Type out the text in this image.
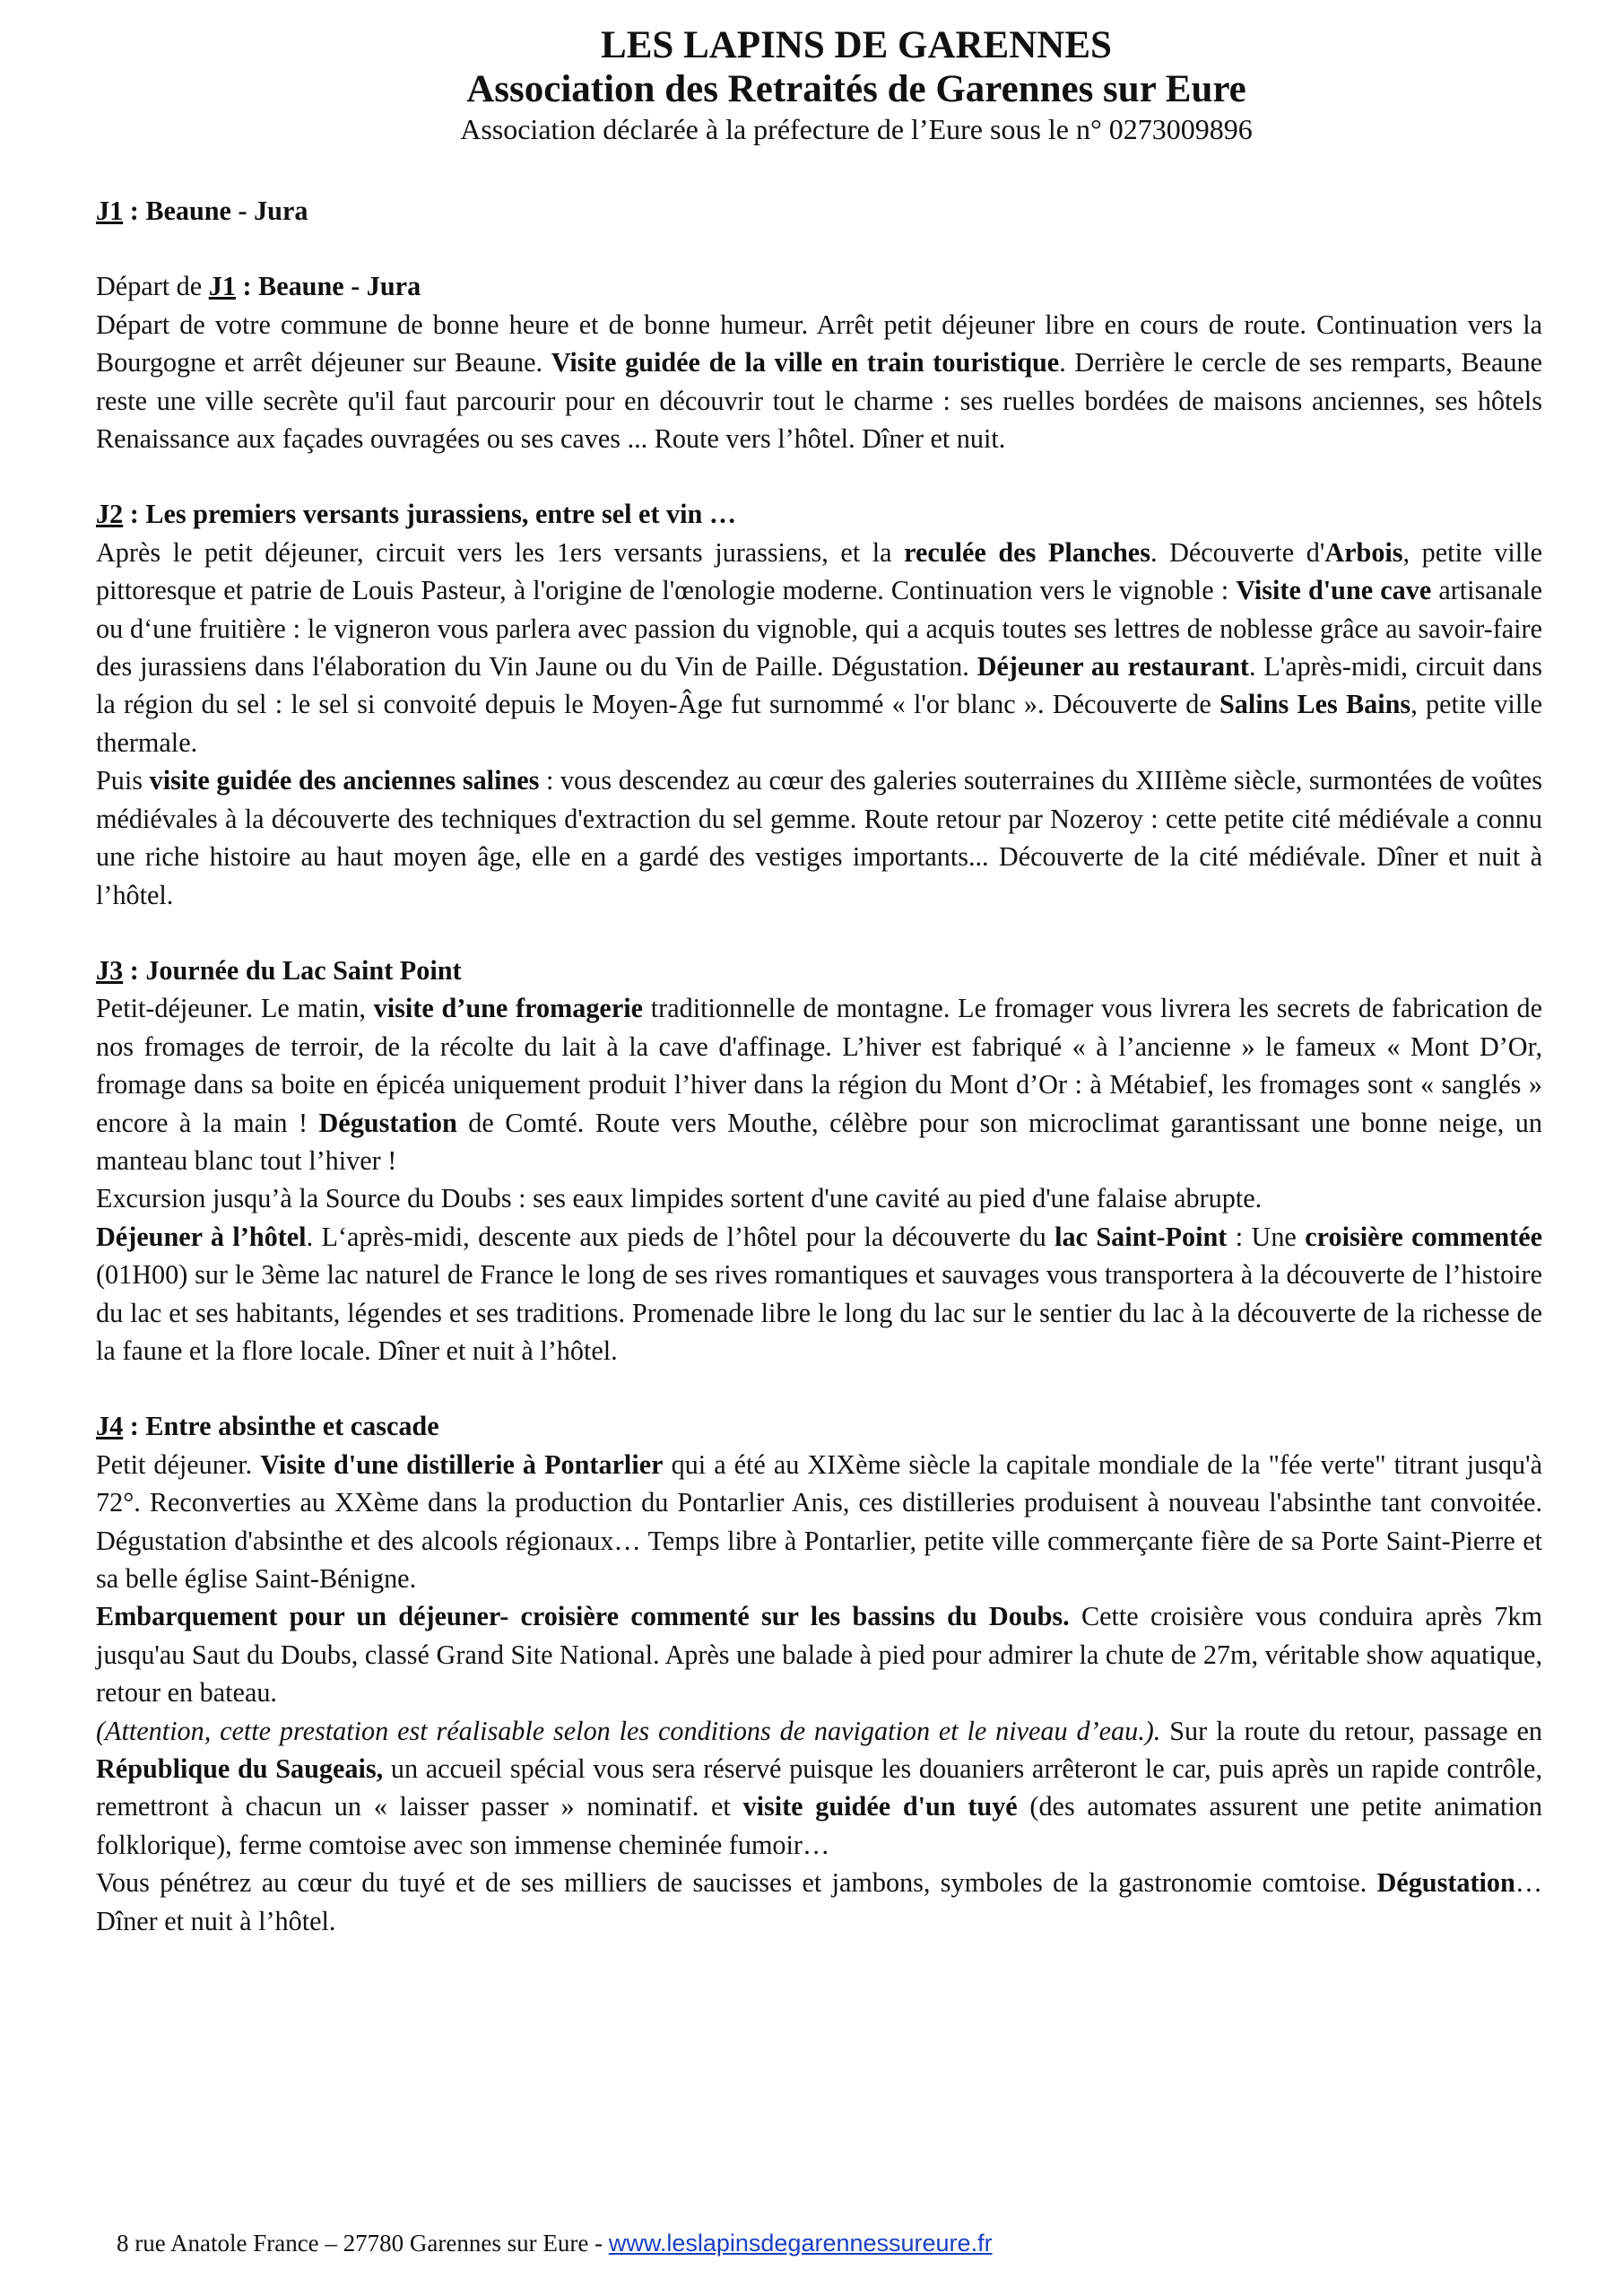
LES LAPINS DE GARENNES
Association des Retraités de Garennes sur Eure
Association déclarée à la préfecture de l’Eure sous le n° 0273009896

J1 : Beaune - Jura

Départ de J1 : Beaune - Jura

Départ de votre commune de bonne heure et de bonne humeur. Arrêt petit déjeuner libre en cours de route. Continuation vers la Bourgogne et arrêt déjeuner sur Beaune. Visite guidée de la ville en train touristique. Derrière le cercle de ses remparts, Beaune reste une ville secrète qu'il faut parcourir pour en découvrir tout le charme : ses ruelles bordées de maisons anciennes, ses hôtels Renaissance aux façades ouvragées ou ses caves ... Route vers l’hôtel. Dîner et nuit.

J2 : Les premiers versants jurassiens, entre sel et vin …

Après le petit déjeuner, circuit vers les 1ers versants jurassiens, et la reculée des Planches. Découverte d'Arbois, petite ville pittoresque et patrie de Louis Pasteur, à l'origine de l'œnologie moderne. Continuation vers le vignoble : Visite d'une cave artisanale ou d‘une fruitière : le vigneron vous parlera avec passion du vignoble, qui a acquis toutes ses lettres de noblesse grâce au savoir-faire des jurassiens dans l'élaboration du Vin Jaune ou du Vin de Paille. Dégustation. Déjeuner au restaurant. L'après-midi, circuit dans la région du sel : le sel si convoité depuis le Moyen-Âge fut surnommé « l'or blanc ». Découverte de Salins Les Bains, petite ville thermale.

Puis visite guidée des anciennes salines : vous descendez au cœur des galeries souterraines du XIIIème siècle, surmontées de voûtes médiévales à la découverte des techniques d'extraction du sel gemme. Route retour par Nozeroy : cette petite cité médiévale a connu une riche histoire au haut moyen âge, elle en a gardé des vestiges importants... Découverte de la cité médiévale. Dîner et nuit à l’hôtel.

J3 : Journée du Lac Saint Point

Petit-déjeuner. Le matin, visite d’une fromagerie traditionnelle de montagne. Le fromager vous livrera les secrets de fabrication de nos fromages de terroir, de la récolte du lait à la cave d'affinage. L’hiver est fabriqué « à l’ancienne » le fameux « Mont D’Or, fromage dans sa boite en épicéa uniquement produit l’hiver dans la région du Mont d’Or : à Métabief, les fromages sont « sanglés » encore à la main ! Dégustation de Comté. Route vers Mouthe, célèbre pour son microclimat garantissant une bonne neige, un manteau blanc tout l’hiver !

Excursion jusqu’à la Source du Doubs : ses eaux limpides sortent d'une cavité au pied d'une falaise abrupte.

Déjeuner à l’hôtel. L‘après-midi, descente aux pieds de l’hôtel pour la découverte du lac Saint-Point : Une croisière commentée (01H00) sur le 3ème lac naturel de France le long de ses rives romantiques et sauvages vous transportera à la découverte de l’histoire du lac et ses habitants, légendes et ses traditions. Promenade libre le long du lac sur le sentier du lac à la découverte de la richesse de la faune et la flore locale. Dîner et nuit à l’hôtel.

J4 : Entre absinthe et cascade

Petit déjeuner. Visite d'une distillerie à Pontarlier qui a été au XIXème siècle la capitale mondiale de la "fée verte" titrant jusqu'à 72°. Reconverties au XXème dans la production du Pontarlier Anis, ces distilleries produisent à nouveau l'absinthe tant convoitée. Dégustation d'absinthe et des alcools régionaux… Temps libre à Pontarlier, petite ville commerçante fière de sa Porte Saint-Pierre et sa belle église Saint-Bénigne.

Embarquement pour un déjeuner- croisière commenté sur les bassins du Doubs. Cette croisière vous conduira après 7km jusqu'au Saut du Doubs, classé Grand Site National. Après une balade à pied pour admirer la chute de 27m, véritable show aquatique, retour en bateau.

(Attention, cette prestation est réalisable selon les conditions de navigation et le niveau d’eau.). Sur la route du retour, passage en République du Saugeais, un accueil spécial vous sera réservé puisque les douaniers arrêteront le car, puis après un rapide contrôle, remettront à chacun un « laisser passer » nominatif. et visite guidée d'un tuyé (des automates assurent une petite animation folklorique), ferme comtoise avec son immense cheminée fumoir…

Vous pénétrez au cœur du tuyé et de ses milliers de saucisses et jambons, symboles de la gastronomie comtoise. Dégustation… Dîner et nuit à l’hôtel.

8 rue Anatole France – 27780 Garennes sur Eure - www.leslapinsdegarennessureure.fr
